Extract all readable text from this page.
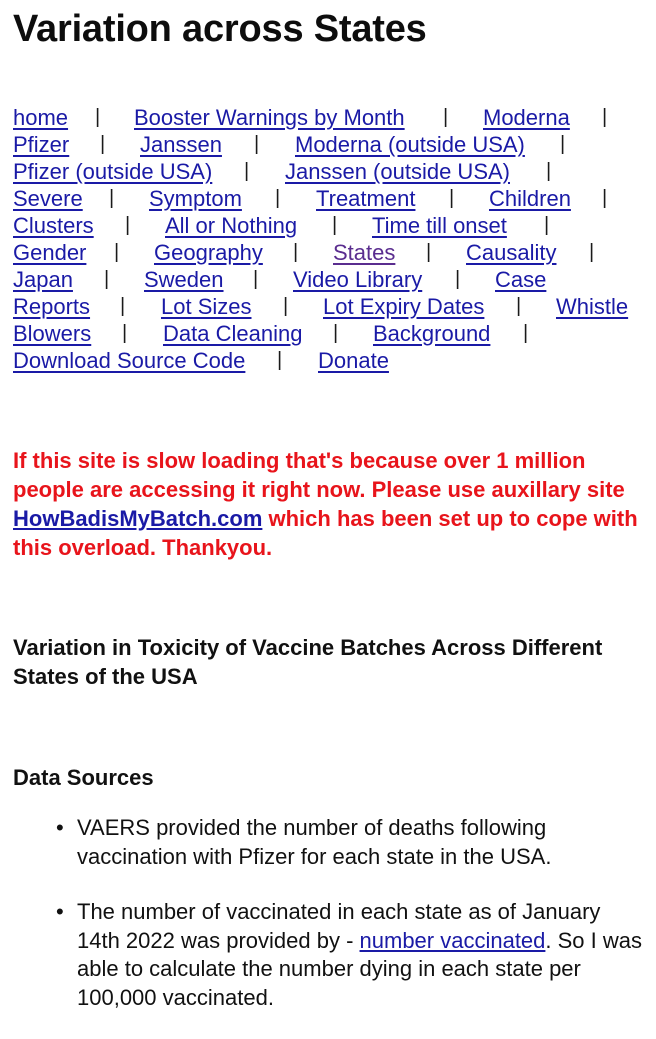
Variation across States
home | Booster Warnings by Month | Moderna |
Pfizer | Janssen | Moderna (outside USA) |
Pfizer (outside USA) | Janssen (outside USA) |
Severe | Symptom | Treatment | Children |
Clusters | All or Nothing | Time till onset |
Gender | Geography | States | Causality |
Japan | Sweden | Video Library | Case
Reports | Lot Sizes | Lot Expiry Dates | Whistle
Blowers | Data Cleaning | Background |
Download Source Code | Donate

If this site is slow loading that's because over 1 million people are accessing it right now. Please use auxillary site HowBadisMyBatch.com which has been set up to cope with this overload. Thankyou.

Variation in Toxicity of Vaccine Batches Across Different States of the USA
Data Sources
• VAERS provided the number of deaths following vaccination with Pfizer for each state in the USA.
• The number of vaccinated in each state as of January 14th 2022 was provided by - number vaccinated. So I was able to calculate the number dying in each state per 100,000 vaccinated.
